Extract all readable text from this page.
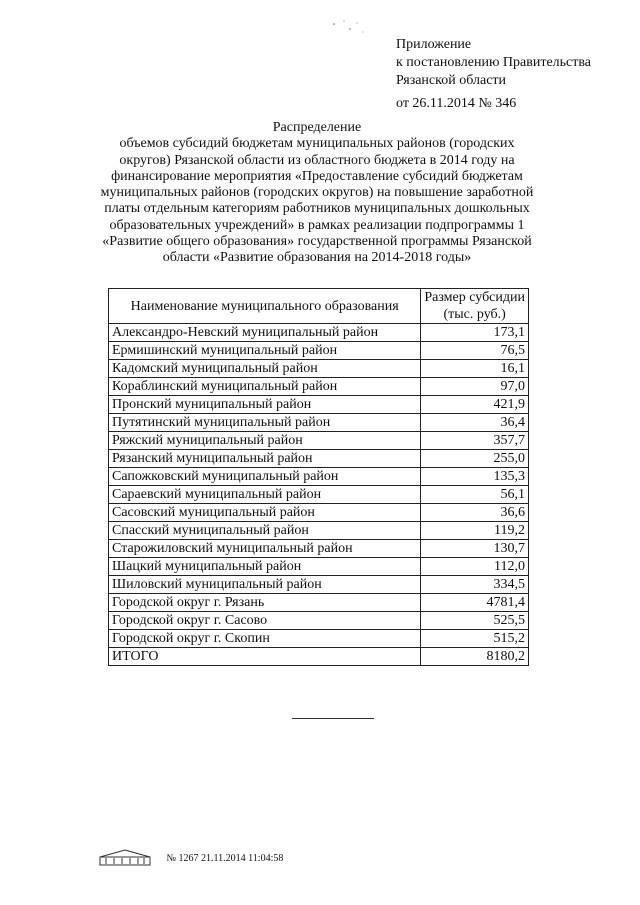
Приложение
к постановлению Правительства
Рязанской области
от 26.11.2014 № 346
Распределение
объемов субсидий бюджетам муниципальных районов (городских округов) Рязанской области из областного бюджета в 2014 году на финансирование мероприятия «Предоставление субсидий бюджетам муниципальных районов (городских округов) на повышение заработной платы отдельным категориям работников муниципальных дошкольных образовательных учреждений» в рамках реализации подпрограммы 1 «Развитие общего образования» государственной программы Рязанской области «Развитие образования на 2014-2018 годы»
Наименование муниципального образования	Размер субсидии
(тыс. руб.)
Александро-Невский муниципальный район	173,1
Ермишинский муниципальный район	76,5
Кадомский муниципальный район	16,1
Кораблинский муниципальный район	97,0
Пронский муниципальный район	421,9
Путятинский муниципальный район	36,4
Ряжский муниципальный район	357,7
Рязанский муниципальный район	255,0
Сапожковский муниципальный район	135,3
Сараевский муниципальный район	56,1
Сасовский муниципальный район	36,6
Спасский муниципальный район	119,2
Старожиловский муниципальный район	130,7
Шацкий муниципальный район	112,0
Шиловский муниципальный район	334,5
Городской округ г. Рязань	4781,4
Городской округ г. Сасово	525,5
Городской округ г. Скопин	515,2
ИТОГО	8180,2
№ 1267 21.11.2014 11:04:58
